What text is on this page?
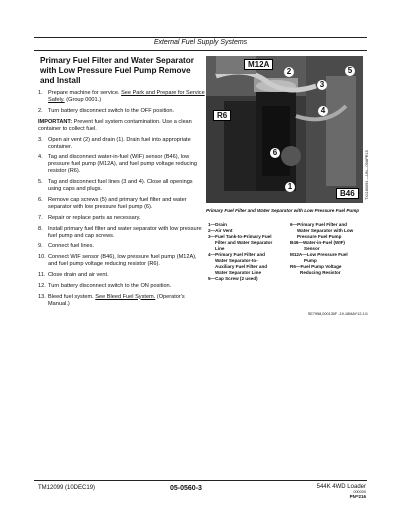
External Fuel Supply Systems
Primary Fuel Filter and Water Separator with Low Pressure Fuel Pump Remove and Install
1. Prepare machine for service. See Park and Prepare for Service Safely. (Group 0001.)
2. Turn battery disconnect switch to the OFF position.
IMPORTANT: Prevent fuel system contamination. Use a clean container to collect fuel.
3. Open air vent (2) and drain (1). Drain fuel into appropriate container.
4. Tag and disconnect water-in-fuel (WIF) sensor (B46), low pressure fuel pump (M12A), and fuel pump voltage reducing resistor (R6).
5. Tag and disconnect fuel lines (3 and 4). Close all openings using caps and plugs.
6. Remove cap screws (5) and primary fuel filter and water separator with low pressure fuel pump (6).
7. Repair or replace parts as necessary.
8. Install primary fuel filter and water separator with low pressure fuel pump and cap screws.
9. Connect fuel lines.
10. Connect WIF sensor (B46), low pressure fuel pump (M12A), and fuel pump voltage reducing resistor (R6).
11. Close drain and air vent.
12. Turn battery disconnect switch to the ON position.
13. Bleed fuel system. See Bleed Fuel System. (Operator's Manual.)
M12A
R6
B46
2	5
3
4
6
1	TX1180094 —UN—09APR15
Primary Fuel Filter and Water Separator with Low Pressure Fuel Pump
1—Drain
2—Air Vent
3—Fuel Tank-to-Primary Fuel
Filter and Water Separator
Line
4—Primary Fuel Filter and
Water Separator-to-
Auxiliary Fuel Filter and
Water Separator Line
5—Cap Screw (2 used)
6—Primary Fuel Filter and
Water Separator with Low
Pressure Fuel Pump
B46—Water-in-Fuel (WIF)
Sensor
M12A—Low Pressure Fuel
Pump
R6—Fuel Pump Voltage
Reducing Resistor
SE7958,000130F -19-18MAY12-1/1
TM12099 (10DEC19)	05-0560-3	544K 4WD Loader
000000
PN=216
